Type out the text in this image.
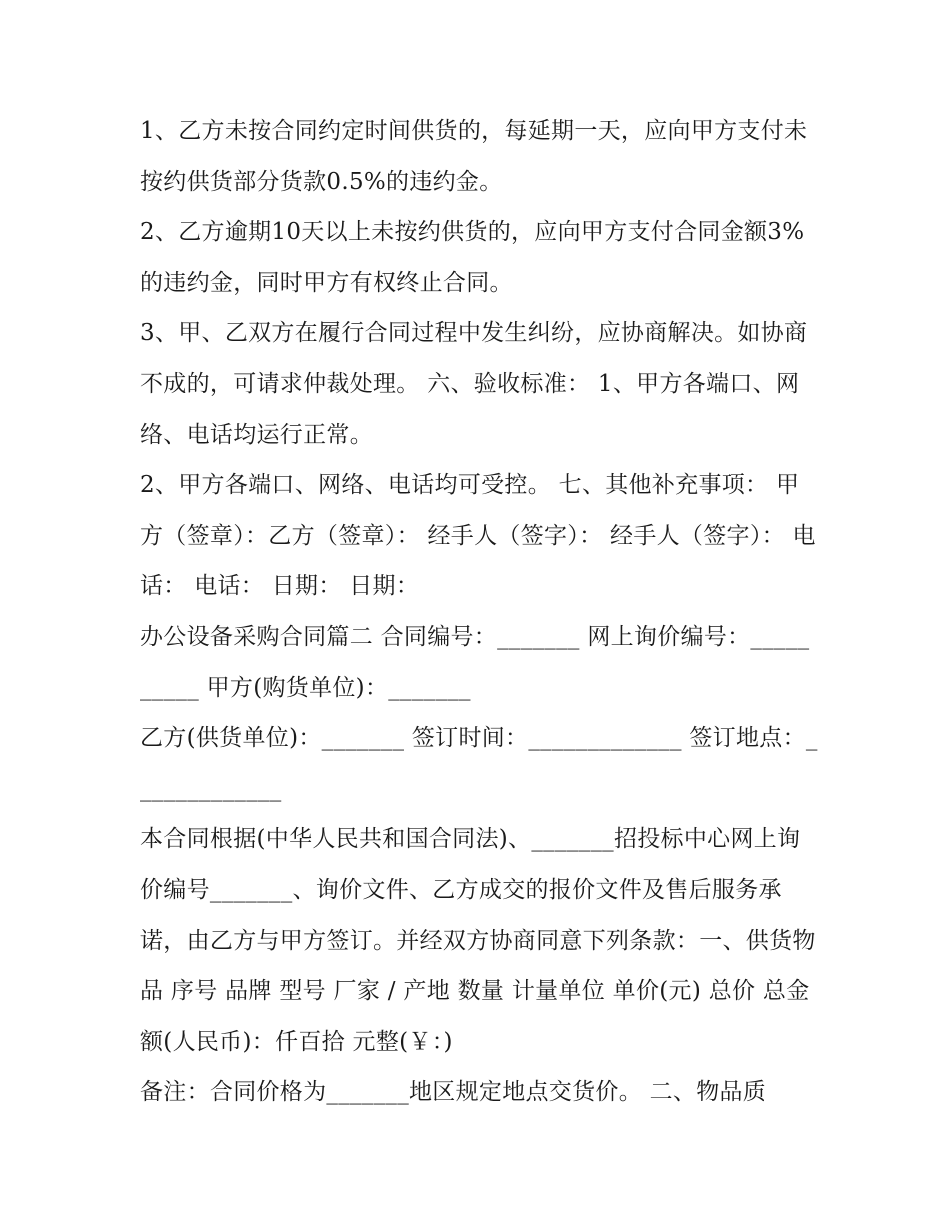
1、乙方未按合同约定时间供货的，每延期一天，应向甲方支付未按约供货部分货款0.5%的违约金。

2、乙方逾期10天以上未按约供货的，应向甲方支付合同金额3%的违约金，同时甲方有权终止合同。

3、甲、乙双方在履行合同过程中发生纠纷，应协商解决。如协商不成的，可请求仲裁处理。 六、验收标准： 1、甲方各端口、网络、电话均运行正常。

2、甲方各端口、网络、电话均可受控。 七、其他补充事项： 甲方（签章）：乙方（签章）： 经手人（签字）： 经手人（签字）： 电话： 电话： 日期： 日期：

办公设备采购合同篇二 合同编号：_______ 网上询价编号：__________ 甲方(购货单位)：_______

乙方(供货单位)：_______ 签订时间：_____________ 签订地点：_____________

本合同根据(中华人民共和国合同法)、_______招投标中心网上询价编号_______、询价文件、乙方成交的报价文件及售后服务承诺，由乙方与甲方签订。并经双方协商同意下列条款：一、供货物品 序号 品牌 型号 厂家 / 产地 数量 计量单位 单价(元) 总价 总金额(人民币)：仟百拾 元整(￥：)

备注：合同价格为_______地区规定地点交货价。 二、物品质
